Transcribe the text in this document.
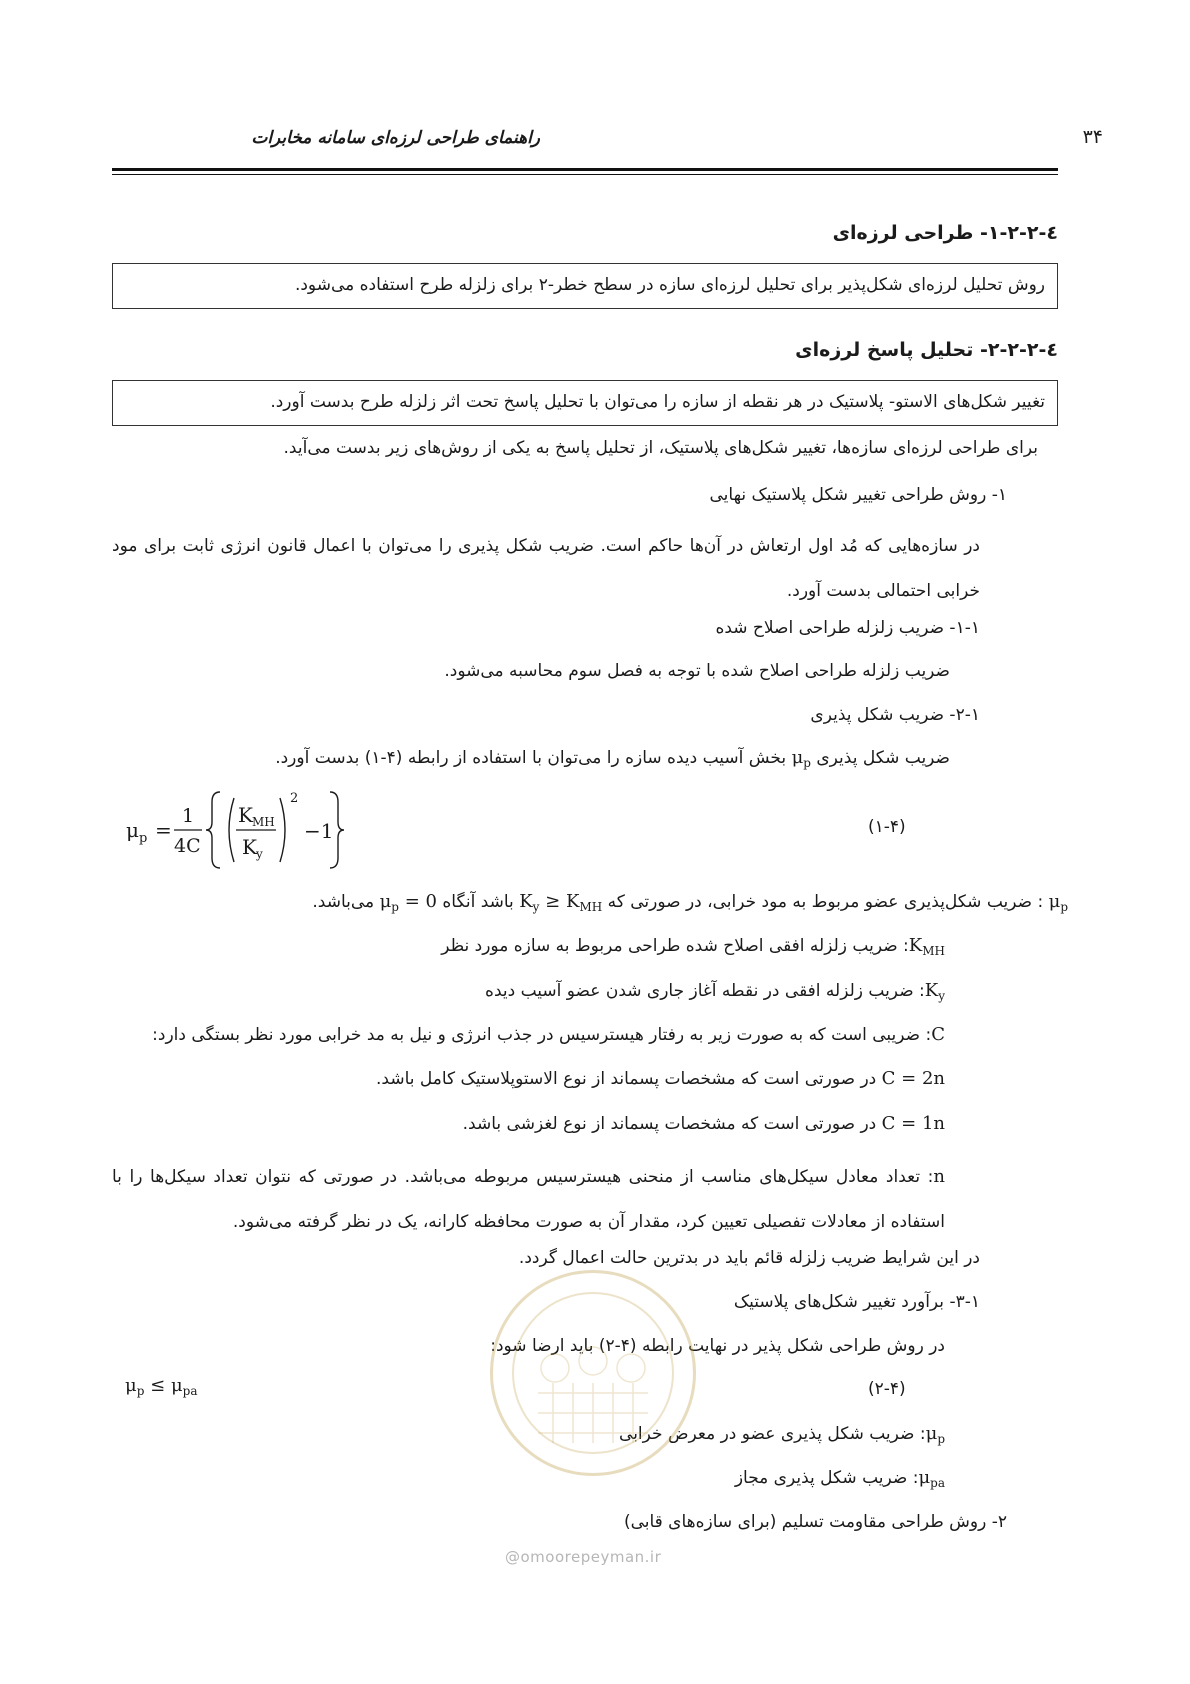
راهنمای طراحی لرزه‌ای سامانه مخابرات	۳۴
٤-٢-٢-١- طراحی لرزه‌ای
روش تحلیل لرزه‌ای شکل‌پذیر برای تحلیل لرزه‌ای سازه در سطح خطر-٢ برای زلزله طرح استفاده می‌شود.
٤-٢-٢-٢- تحلیل پاسخ لرزه‌ای
تغییر شکل‌های الاستو- پلاستیک در هر نقطه از سازه را می‌توان با تحلیل پاسخ تحت اثر زلزله طرح بدست آورد.
برای طراحی لرزه‌ای سازه‌ها، تغییر شکل‌های پلاستیک، از تحلیل پاسخ به یکی از روش‌های زیر بدست می‌آید.
١- روش طراحی تغییر شکل پلاستیک نهایی
در سازه‌هایی که مُد اول ارتعاش در آن‌ها حاکم است. ضریب شکل پذیری را می‌توان با اعمال قانون انرژی ثابت برای مود خرابی احتمالی بدست آورد.
١-١- ضریب زلزله طراحی اصلاح شده
ضریب زلزله طراحی اصلاح شده با توجه به فصل سوم محاسبه می‌شود.
١-٢- ضریب شکل پذیری
ضریب شکل پذیری $\mu_p$ بخش آسیب دیده سازه را می‌توان با استفاده از رابطه (۴-١) بدست آورد.
μ p =
1
4C
K MH
K y
2
−1	(١-۴)
$\mu_p$ : ضریب شکل‌پذیری عضو مربوط به مود خرابی، در صورتی که $K_y \ge K_{MH}$ باشد آنگاه $\mu_p = 0$ می‌باشد.
$K_{MH}$: ضریب زلزله افقی اصلاح شده طراحی مربوط به سازه مورد نظر
$K_y$: ضریب زلزله افقی در نقطه آغاز جاری شدن عضو آسیب دیده
C: ضریبی است که به صورت زیر به رفتار هیسترسیس در جذب انرژی و نیل به مد خرابی مورد نظر بستگی دارد:
C = 2n در صورتی است که مشخصات پسماند از نوع الاستوپلاستیک کامل باشد.
C = 1n در صورتی است که مشخصات پسماند از نوع لغزشی باشد.
n: تعداد معادل سیکل‌های مناسب از منحنی هیسترسیس مربوطه می‌باشد. در صورتی که نتوان تعداد سیکل‌ها را با استفاده از معادلات تفصیلی تعیین کرد، مقدار آن به صورت محافظه کارانه، یک در نظر گرفته می‌شود.
در این شرایط ضریب زلزله قائم باید در بدترین حالت اعمال گردد.
١-٣- برآورد تغییر شکل‌های پلاستیک
در روش طراحی شکل پذیر در نهایت رابطه (۴-٢) باید ارضا شود:
$\mu_p \le \mu_{pa}$	(٢-۴)
$\mu_p$: ضریب شکل پذیری عضو در معرض خرابی
$\mu_{pa}$: ضریب شکل پذیری مجاز
٢- روش طراحی مقاومت تسلیم (برای سازه‌های قابی)
@omoorepeyman.ir
